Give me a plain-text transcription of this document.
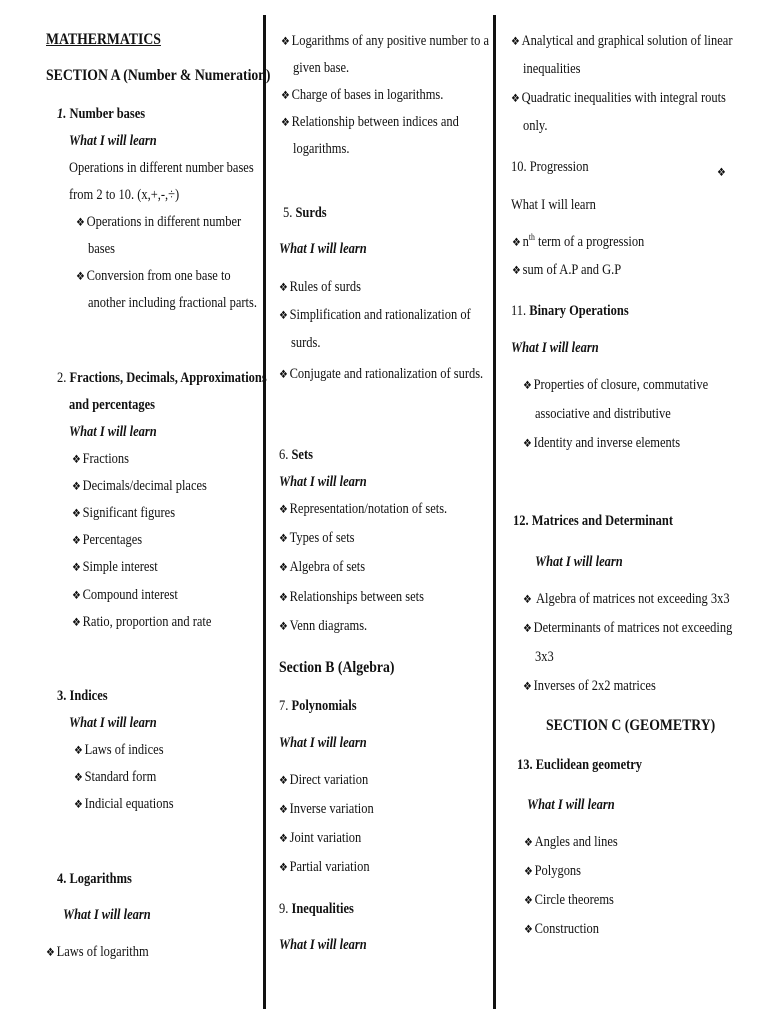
MATHERMATICS

SECTION A (Number & Numeration)

1. Number bases

What I will learn

Operations in different number bases

from 2 to 10. (x,+,-,÷)

❖ Operations in different number

bases

❖ Conversion from one base to

another including fractional parts.

2. Fractions, Decimals, Approximations

and percentages

What I will learn

❖ Fractions

❖ Decimals/decimal places

❖ Significant figures

❖ Percentages

❖ Simple interest

❖ Compound interest

❖ Ratio, proportion and rate

3. Indices

What I will learn

❖ Laws of indices

❖ Standard form

❖ Indicial equations

4. Logarithms

What I will learn

❖ Laws of logarithm

❖ Logarithms of any positive number to a

given base.

❖ Charge of bases in logarithms.

❖ Relationship between indices and

logarithms.

5. Surds

What I will learn

❖ Rules of surds

❖ Simplification and rationalization of

surds.

❖ Conjugate and rationalization of surds.

6. Sets

What I will learn

❖ Representation/notation of sets.

❖ Types of sets

❖ Algebra of sets

❖ Relationships between sets

❖ Venn diagrams.

Section B (Algebra)

7. Polynomials

What I will learn

❖ Direct variation

❖ Inverse variation

❖ Joint variation

❖ Partial variation

9. Inequalities

What I will learn

❖ Analytical and graphical solution of linear

inequalities

❖ Quadratic inequalities with integral routs

only.

10. Progression	❖

What I will learn

❖ $n^{th}$ term of a progression

❖ sum of A.P and G.P

11. Binary Operations

What I will learn

❖ Properties of closure, commutative

associative and distributive

❖ Identity and inverse elements

12. Matrices and Determinant

What I will learn

❖ Algebra of matrices not exceeding 3x3

❖ Determinants of matrices not exceeding

3x3

❖ Inverses of 2x2 matrices

SECTION C (GEOMETRY)

13. Euclidean geometry

What I will learn

❖ Angles and lines

❖ Polygons

❖ Circle theorems

❖ Construction
